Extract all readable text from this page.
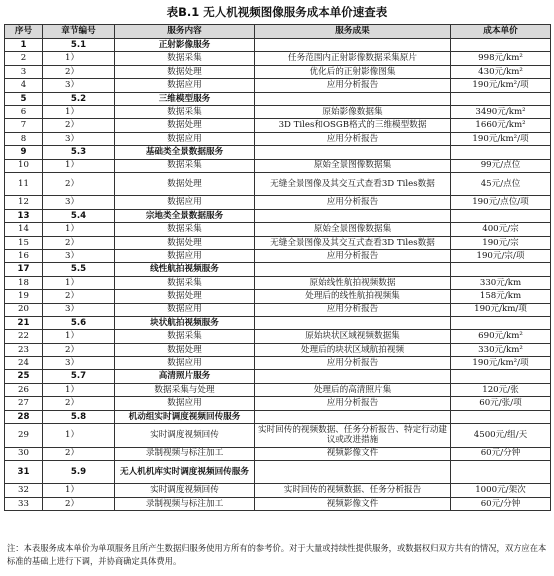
表B.1 无人机视频图像服务成本单价速查表
序号	章节编号	服务内容	服务成果	成本单价
1	5.1	正射影像服务		
2	1）	数据采集	任务范围内正射影像数据采集原片	998元/km²
3	2）	数据处理	优化后的正射影像图集	430元/km²
4	3）	数据应用	应用分析报告	190元/km²/项
5	5.2	三维模型服务		
6	1）	数据采集	原始影像数据集	3490元/km²
7	2）	数据处理	3D Tiles和OSGB格式的三维模型数据	1660元/km²
8	3）	数据应用	应用分析报告	190元/km²/项
9	5.3	基础类全景数据服务		
10	1）	数据采集	原始全景图像数据集	99元/点位
11	2）	数据处理	无缝全景图像及其交互式查看3D Tiles数据	45元/点位
12	3）	数据应用	应用分析报告	190元/点位/项
13	5.4	宗地类全景数据服务		
14	1）	数据采集	原始全景图像数据集	400元/宗
15	2）	数据处理	无缝全景图像及其交互式查看3D Tiles数据	190元/宗
16	3）	数据应用	应用分析报告	190元/宗/项
17	5.5	线性航拍视频服务		
18	1）	数据采集	原始线性航拍视频数据	330元/km
19	2）	数据处理	处理后的线性航拍视频集	158元/km
20	3）	数据应用	应用分析报告	190元/km/项
21	5.6	块状航拍视频服务		
22	1）	数据采集	原始块状区域视频数据集	690元/km²
23	2）	数据处理	处理后的块状区域航拍视频	330元/km²
24	3）	数据应用	应用分析报告	190元/km²/项
25	5.7	高清照片服务		
26	1）	数据采集与处理	处理后的高清照片集	120元/张
27	2）	数据应用	应用分析报告	60元/张/项
28	5.8	机动组实时调度视频回传服务		
29	1）	实时调度视频回传	实时回传的视频数据、任务分析报告、特定行动建议或改进措施	4500元/组/天
30	2）	录制视频与标注加工	视频影像文件	60元/分钟
31	5.9	无人机机库实时调度视频回传服务		
32	1）	实时调度视频回传	实时回传的视频数据、任务分析报告	1000元/架次
33	2）	录制视频与标注加工	视频影像文件	60元/分钟
注：本表服务成本单价为单项服务且所产生数据归服务使用方所有的参考价。对于大量或持续性提供服务，或数据权归双方共有的情况，双方应在本标准的基础上进行下调，并协商确定具体费用。
